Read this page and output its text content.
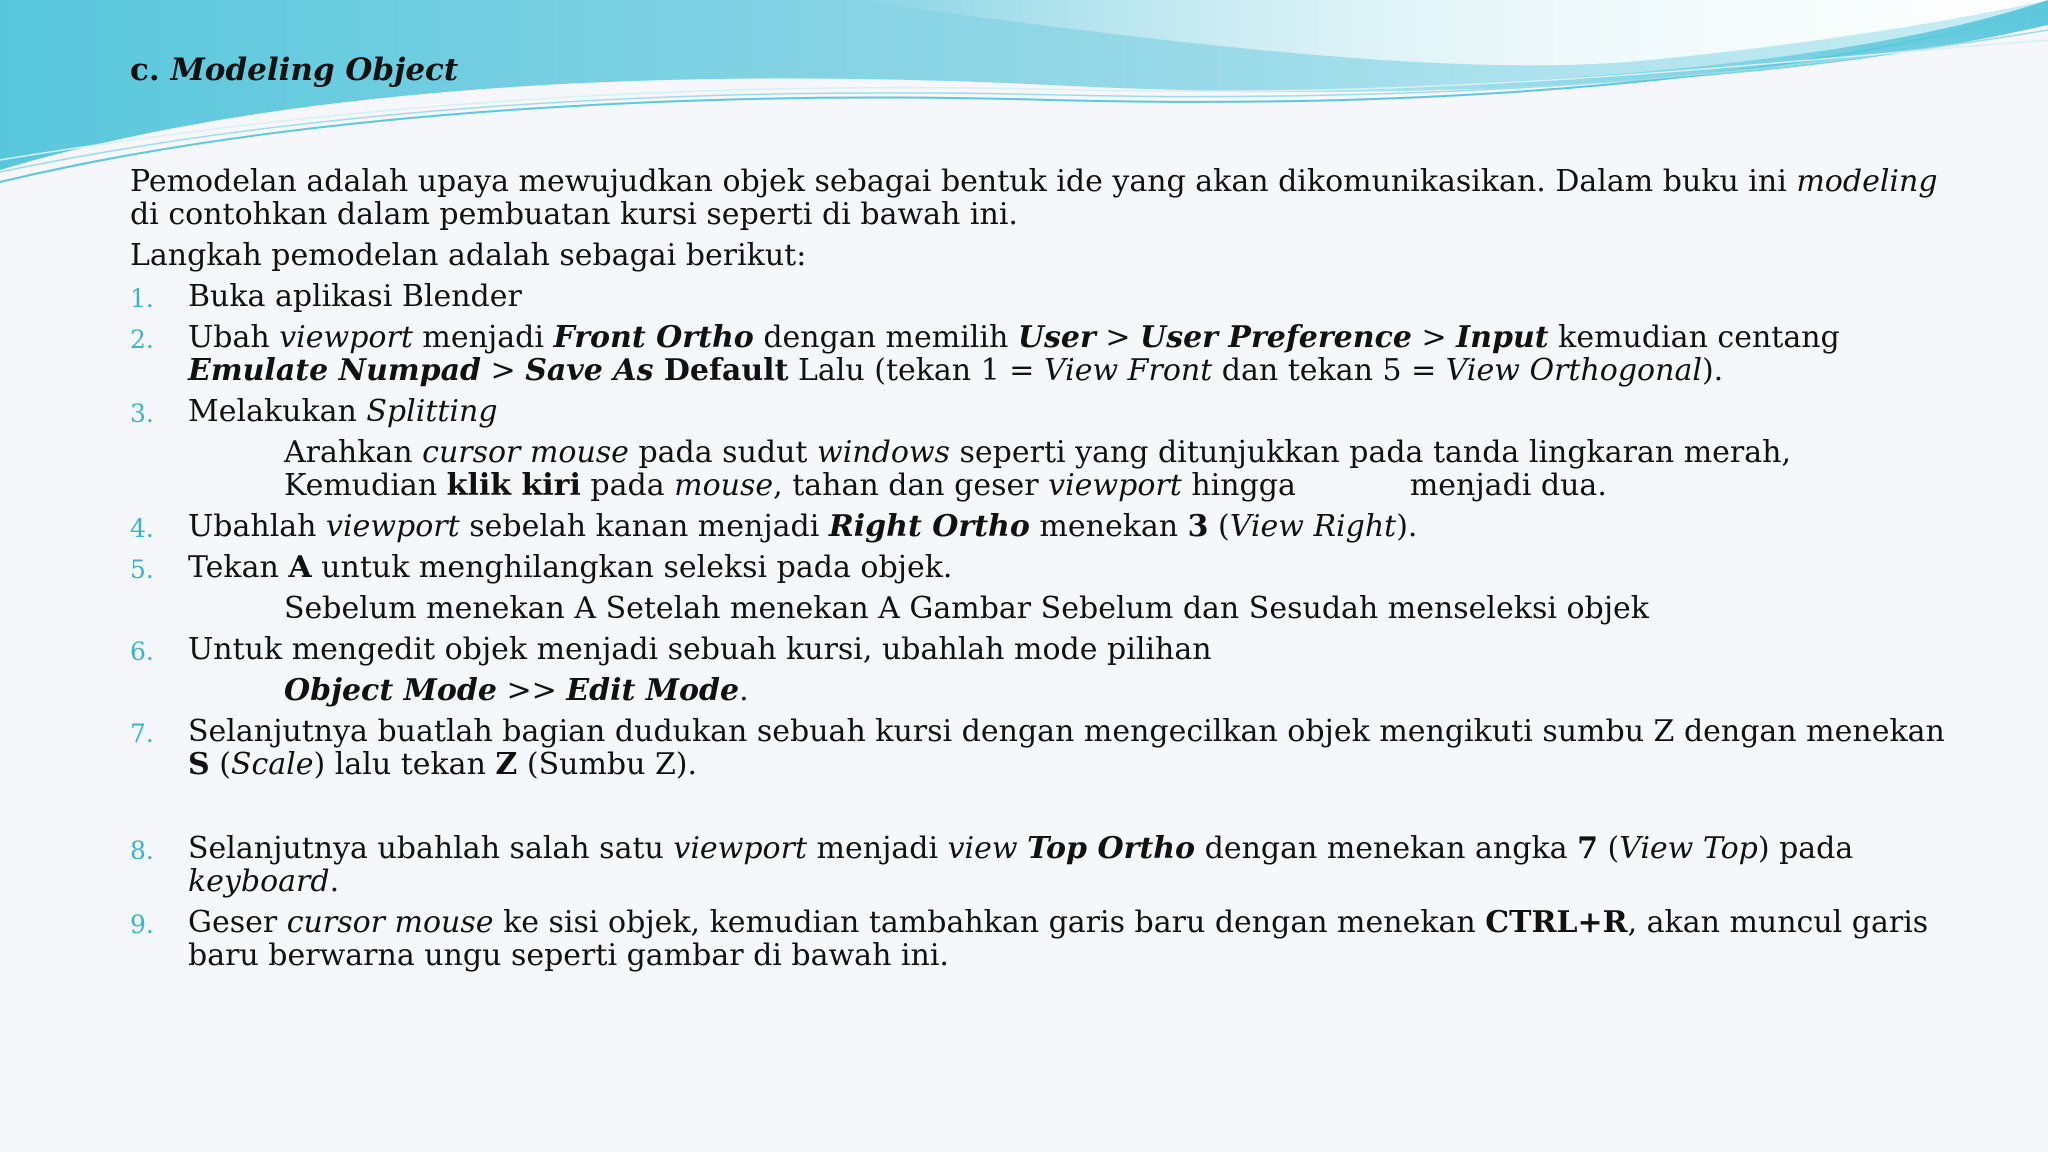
c. Modeling Object
Pemodelan adalah upaya mewujudkan objek sebagai bentuk ide yang akan dikomunikasikan. Dalam buku ini modeling di contohkan dalam pembuatan kursi seperti di bawah ini.
Langkah pemodelan adalah sebagai berikut:
1. Buka aplikasi Blender
2. Ubah viewport menjadi Front Ortho dengan memilih User > User Preference > Input kemudian centang Emulate Numpad > Save As Default Lalu (tekan 1 = View Front dan tekan 5 = View Orthogonal).
3. Melakukan Splitting
Arahkan cursor mouse pada sudut windows seperti yang ditunjukkan pada tanda lingkaran merah,
Kemudian klik kiri pada mouse, tahan dan geser viewport hingga	menjadi dua.
4. Ubahlah viewport sebelah kanan menjadi Right Ortho menekan 3 (View Right).
5. Tekan A untuk menghilangkan seleksi pada objek.
Sebelum menekan A Setelah menekan A Gambar Sebelum dan Sesudah menseleksi objek
6. Untuk mengedit objek menjadi sebuah kursi, ubahlah mode pilihan
Object Mode >> Edit Mode.
7. Selanjutnya buatlah bagian dudukan sebuah kursi dengan mengecilkan objek mengikuti sumbu Z dengan menekan S (Scale) lalu tekan Z (Sumbu Z).
8. Selanjutnya ubahlah salah satu viewport menjadi view Top Ortho dengan menekan angka 7 (View Top) pada keyboard.
9. Geser cursor mouse ke sisi objek, kemudian tambahkan garis baru dengan menekan CTRL+R, akan muncul garis baru berwarna ungu seperti gambar di bawah ini.
